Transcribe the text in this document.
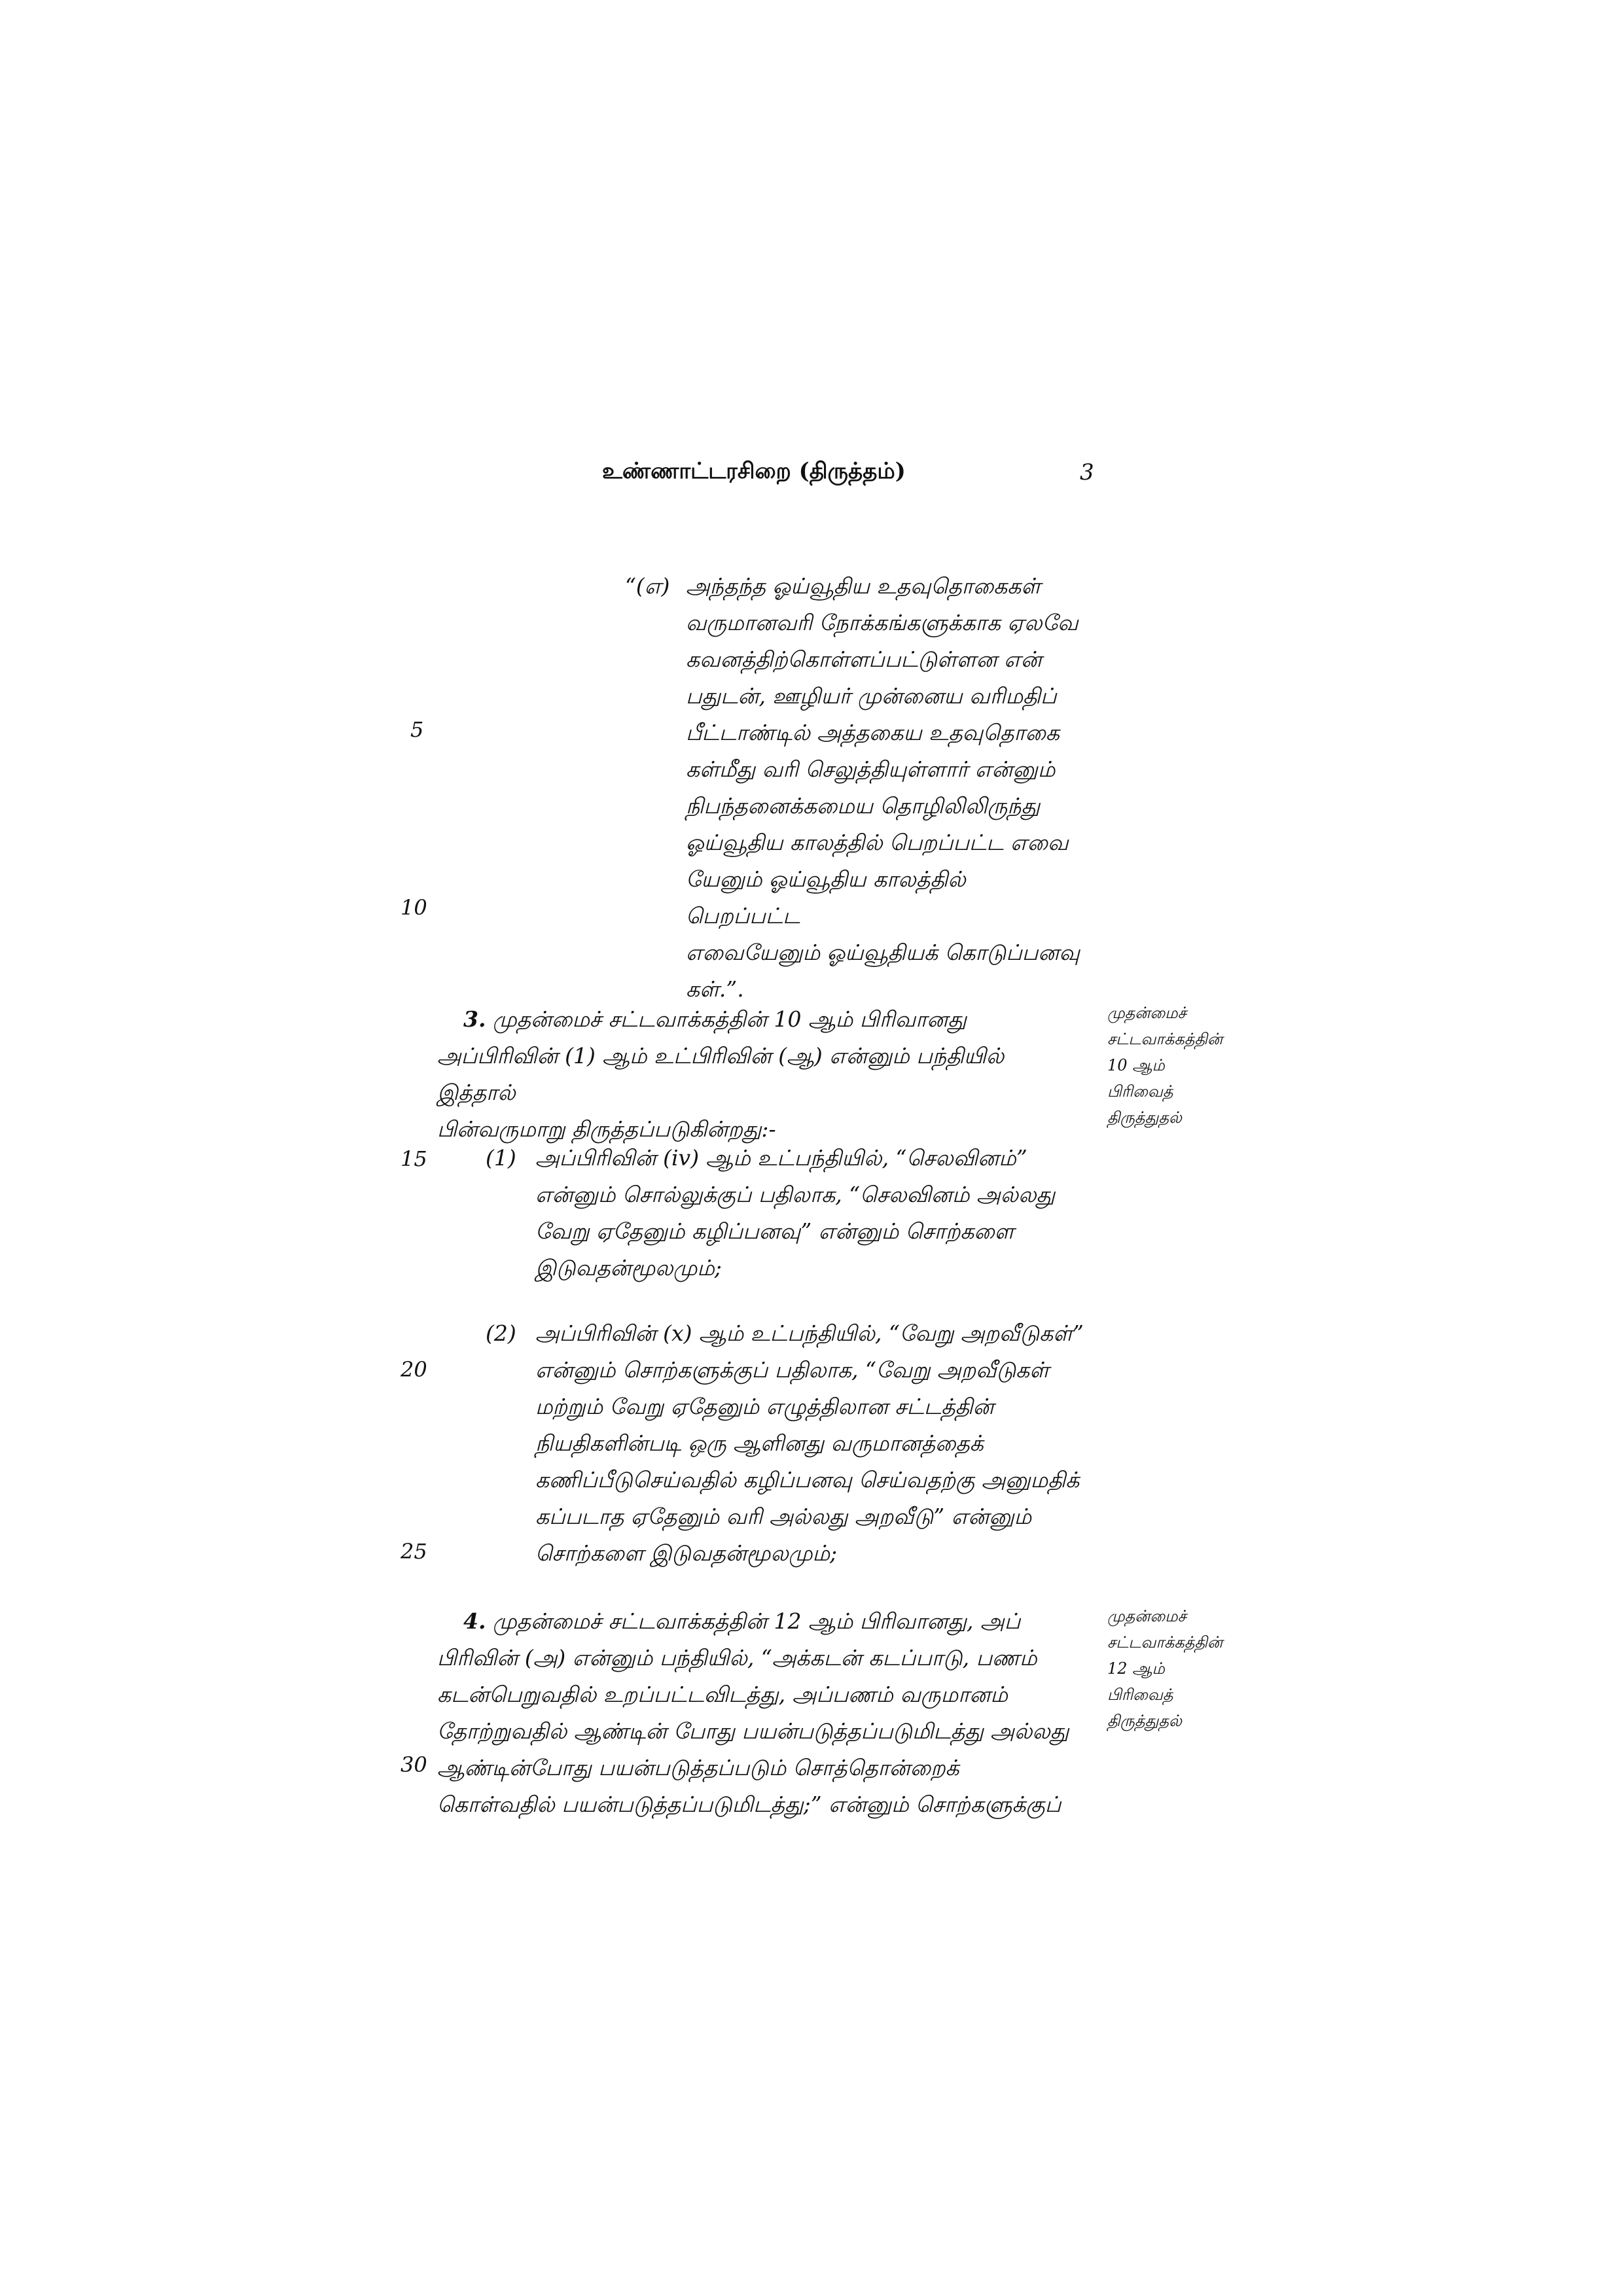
உண்ணாட்டரசிறை (திருத்தம்)	3
“(எ) அந்தந்த ஓய்வூதிய உதவுதொகைகள்
வருமானவரி நோக்கங்களுக்காக ஏலவே
கவனத்திற்கொள்ளப்பட்டுள்ளன என்
பதுடன், ஊழியர் முன்னைய வரிமதிப்
பீட்டாண்டில் அத்தகைய உதவுதொகை
கள்மீது வரி செலுத்தியுள்ளார் என்னும்
நிபந்தனைக்கமைய தொழிலிலிருந்து
ஓய்வூதிய காலத்தில் பெறப்பட்ட எவை
யேனும் ஓய்வூதிய காலத்தில் பெறப்பட்ட
எவையேனும் ஓய்வூதியக் கொடுப்பனவு
கள்.”.
5
10
15
20
25
30
3. முதன்மைச் சட்டவாக்கத்தின் 10 ஆம் பிரிவானது
அப்பிரிவின் (1) ஆம் உட்பிரிவின் (ஆ) என்னும் பந்தியில் இத்தால்
பின்வருமாறு திருத்தப்படுகின்றது:-
முதன்மைச்
சட்டவாக்கத்தின்
10 ஆம்
பிரிவைத்
திருத்துதல்
(1) அப்பிரிவின் (iv) ஆம் உட்பந்தியில், “செலவினம்”
என்னும் சொல்லுக்குப் பதிலாக, “செலவினம் அல்லது
வேறு ஏதேனும் கழிப்பனவு” என்னும் சொற்களை
இடுவதன்மூலமும்;
(2) அப்பிரிவின் (x) ஆம் உட்பந்தியில், “வேறு அறவீடுகள்”
என்னும் சொற்களுக்குப் பதிலாக, “வேறு அறவீடுகள்
மற்றும் வேறு ஏதேனும் எழுத்திலான சட்டத்தின்
நியதிகளின்படி ஒரு ஆளினது வருமானத்தைக்
கணிப்பீடுசெய்வதில் கழிப்பனவு செய்வதற்கு அனுமதிக்
கப்படாத ஏதேனும் வரி அல்லது அறவீடு” என்னும்
சொற்களை இடுவதன்மூலமும்;
4. முதன்மைச் சட்டவாக்கத்தின் 12 ஆம் பிரிவானது, அப்
பிரிவின் (அ) என்னும் பந்தியில், “அக்கடன் கடப்பாடு, பணம்
கடன்பெறுவதில் உறப்பட்டவிடத்து, அப்பணம் வருமானம்
தோற்றுவதில் ஆண்டின் போது பயன்படுத்தப்படுமிடத்து அல்லது
ஆண்டின்போது பயன்படுத்தப்படும் சொத்தொன்றைக்
கொள்வதில் பயன்படுத்தப்படுமிடத்து;” என்னும் சொற்களுக்குப்
முதன்மைச்
சட்டவாக்கத்தின்
12 ஆம்
பிரிவைத்
திருத்துதல்
